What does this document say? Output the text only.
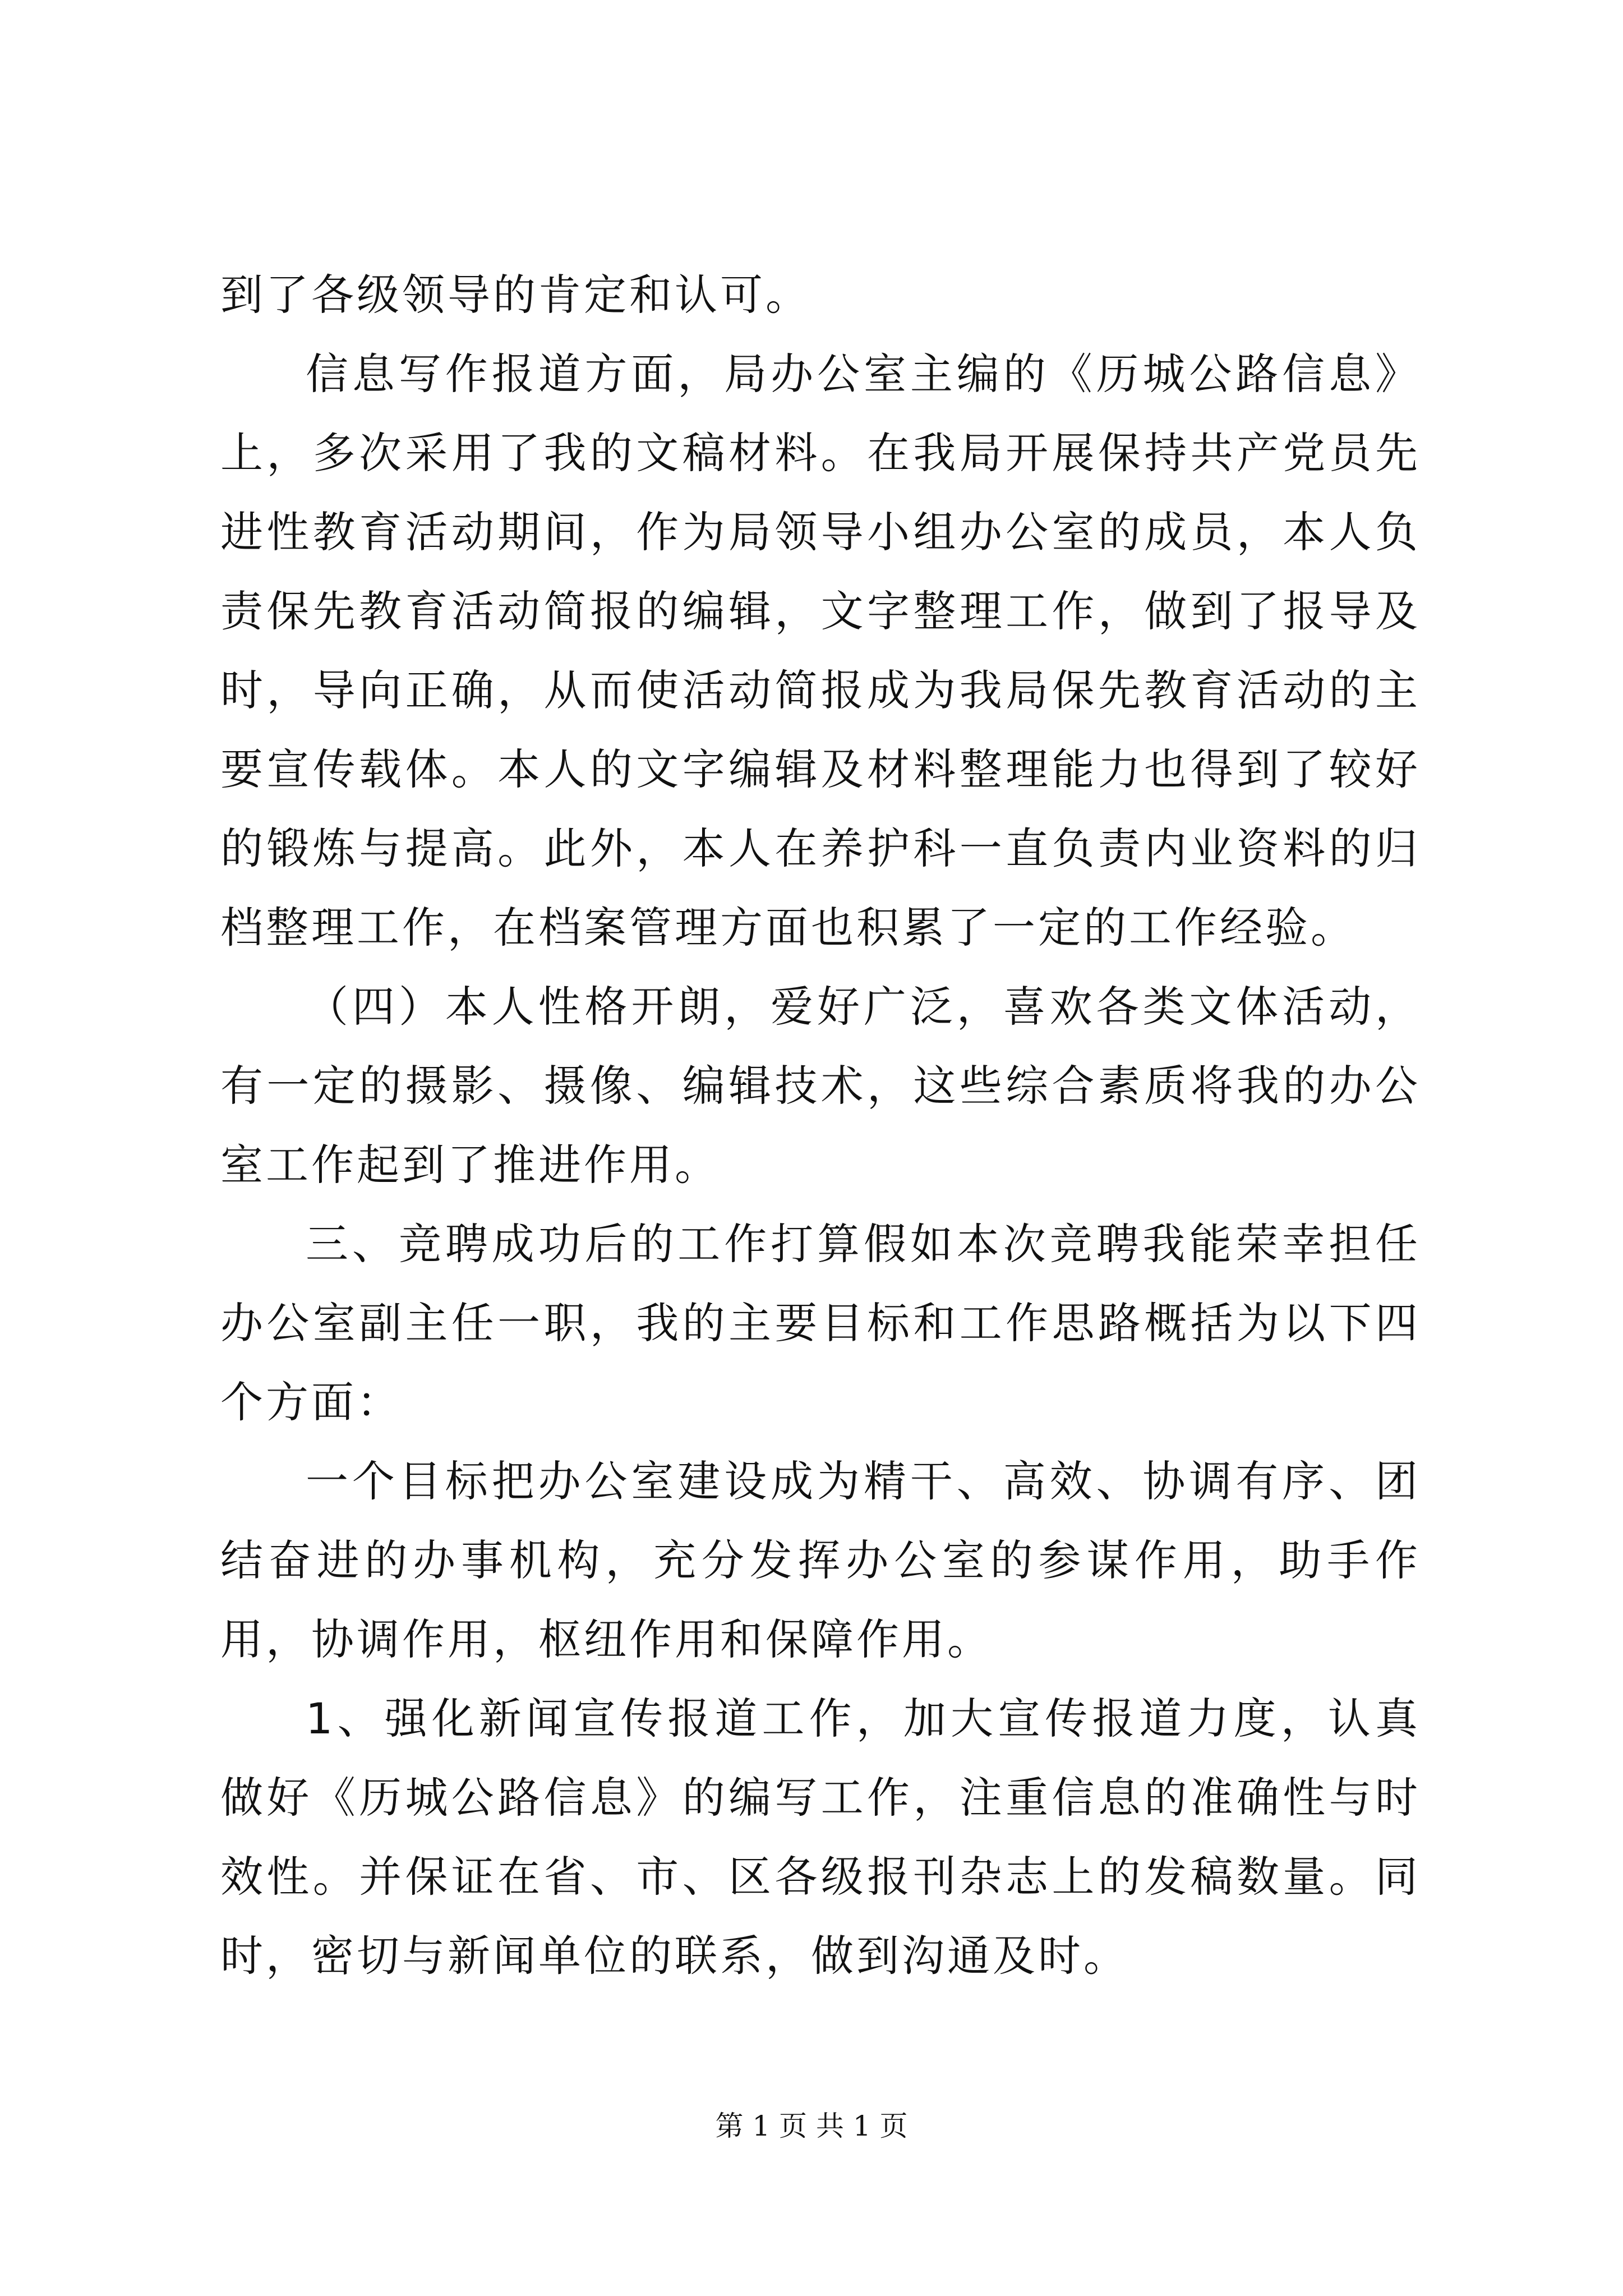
到了各级领导的肯定和认可。

信息写作报道方面，局办公室主编的《历城公路信息》上，多次采用了我的文稿材料。在我局开展保持共产党员先进性教育活动期间，作为局领导小组办公室的成员，本人负责保先教育活动简报的编辑，文字整理工作，做到了报导及时，导向正确，从而使活动简报成为我局保先教育活动的主要宣传载体。本人的文字编辑及材料整理能力也得到了较好的锻炼与提高。此外，本人在养护科一直负责内业资料的归档整理工作，在档案管理方面也积累了一定的工作经验。

（四）本人性格开朗，爱好广泛，喜欢各类文体活动，有一定的摄影、摄像、编辑技术，这些综合素质将我的办公室工作起到了推进作用。

三、竞聘成功后的工作打算假如本次竞聘我能荣幸担任办公室副主任一职，我的主要目标和工作思路概括为以下四个方面：

一个目标把办公室建设成为精干、高效、协调有序、团结奋进的办事机构，充分发挥办公室的参谋作用，助手作用，协调作用，枢纽作用和保障作用。

1、强化新闻宣传报道工作，加大宣传报道力度，认真做好《历城公路信息》的编写工作，注重信息的准确性与时效性。并保证在省、市、区各级报刊杂志上的发稿数量。同时，密切与新闻单位的联系，做到沟通及时。

第 1 页 共 1 页
